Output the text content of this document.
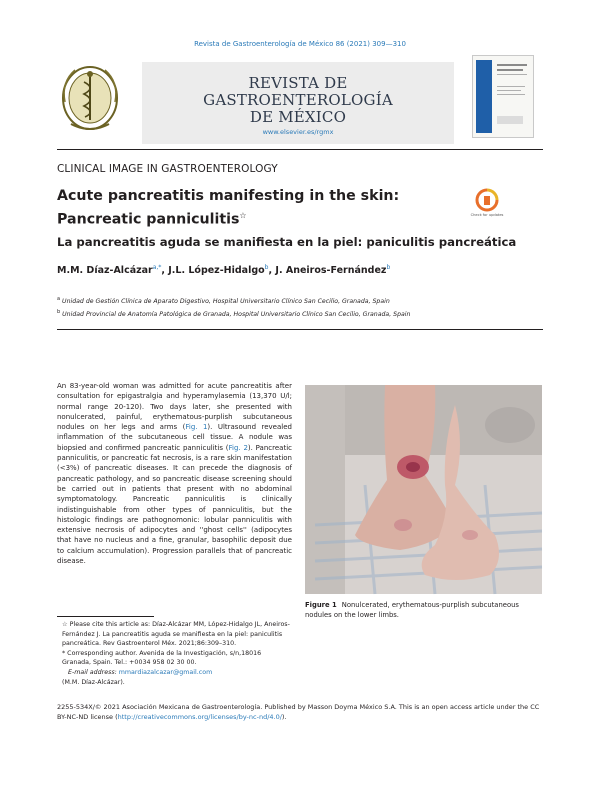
Revista de Gastroenterología de México 86 (2021) 309—310
REVISTA DE
GASTROENTEROLOGÍA
DE MÉXICO
www.elsevier.es/rgmx
CLINICAL IMAGE IN GASTROENTEROLOGY
Acute pancreatitis manifesting in the skin: Pancreatic panniculitis☆	Check for updates
La pancreatitis aguda se manifiesta en la piel: paniculitis pancreática
M.M. Díaz-Alcázar$^{a,*}$, J.L. López-Hidalgo$^b$, J. Aneiros-Fernández$^b$
$^a$ Unidad de Gestión Clínica de Aparato Digestivo, Hospital Universitario Clínico San Cecilio, Granada, Spain
$^b$ Unidad Provincial de Anatomía Patológica de Granada, Hospital Universitario Clínico San Cecilio, Granada, Spain
An 83-year-old woman was admitted for acute pancreatitis after consultation for epigastralgia and hyperamylasemia (13,370 U/l; normal range 20-120). Two days later, she presented with nonulcerated, painful, erythematous-purplish subcutaneous nodules on her legs and arms (Fig. 1). Ultrasound revealed inflammation of the subcutaneous cell tissue. A nodule was biopsied and confirmed pancreatic panniculitis (Fig. 2). Pancreatic panniculitis, or pancreatic fat necrosis, is a rare skin manifestation (<3%) of pancreatic diseases. It can precede the diagnosis of pancreatic pathology, and so pancreatic disease screening should be carried out in patients that present with no abdominal symptomatology. Pancreatic panniculitis is clinically indistinguishable from other types of panniculitis, but the histologic findings are pathognomonic: lobular panniculitis with extensive necrosis of adipocytes and ''ghost cells'' (adipocytes that have no nucleus and a fine, granular, basophilic deposit due to calcium accumulation). Progression parallels that of pancreatic disease.
Figure 1 Nonulcerated, erythematous-purplish subcutaneous nodules on the lower limbs.

☆ Please cite this article as: Díaz-Alcázar MM, López-Hidalgo JL, Aneiros-Fernández J. La pancreatitis aguda se manifiesta en la piel: paniculitis pancreática. Rev Gastroenterol Méx. 2021;86:309–310.

* Corresponding author. Avenida de la Investigación, s/n,18016 Granada, Spain. Tel.: +0034 958 02 30 00.

E-mail address: mmardiazalcazar@gmail.com

(M.M. Díaz-Alcázar).

2255-534X/© 2021 Asociación Mexicana de Gastroenterología. Published by Masson Doyma México S.A. This is an open access article under the CC BY-NC-ND license (http://creativecommons.org/licenses/by-nc-nd/4.0/).
